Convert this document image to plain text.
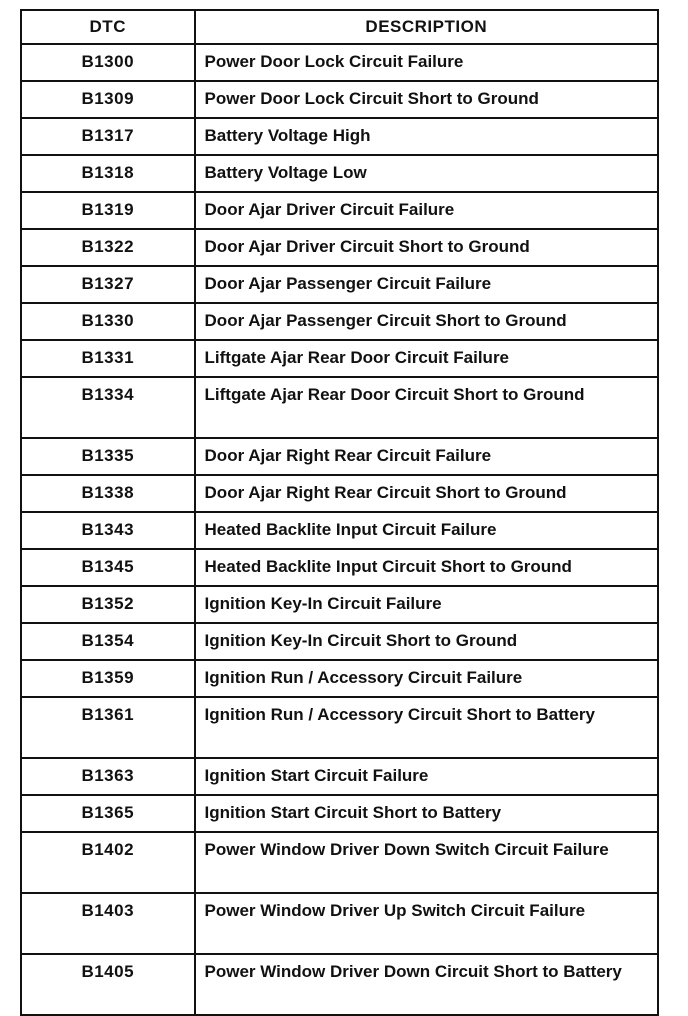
DTC	DESCRIPTION
B1300	Power Door Lock Circuit Failure
B1309	Power Door Lock Circuit Short to Ground
B1317	Battery Voltage High
B1318	Battery Voltage Low
B1319	Door Ajar Driver Circuit Failure
B1322	Door Ajar Driver Circuit Short to Ground
B1327	Door Ajar Passenger Circuit Failure
B1330	Door Ajar Passenger Circuit Short to Ground
B1331	Liftgate Ajar Rear Door Circuit Failure
B1334	Liftgate Ajar Rear Door Circuit Short to Ground
B1335	Door Ajar Right Rear Circuit Failure
B1338	Door Ajar Right Rear Circuit Short to Ground
B1343	Heated Backlite Input Circuit Failure
B1345	Heated Backlite Input Circuit Short to Ground
B1352	Ignition Key-In Circuit Failure
B1354	Ignition Key-In Circuit Short to Ground
B1359	Ignition Run / Accessory Circuit Failure
B1361	Ignition Run / Accessory Circuit Short to Battery
B1363	Ignition Start Circuit Failure
B1365	Ignition Start Circuit Short to Battery
B1402	Power Window Driver Down Switch Circuit Failure
B1403	Power Window Driver Up Switch Circuit Failure
B1405	Power Window Driver Down Circuit Short to Battery
